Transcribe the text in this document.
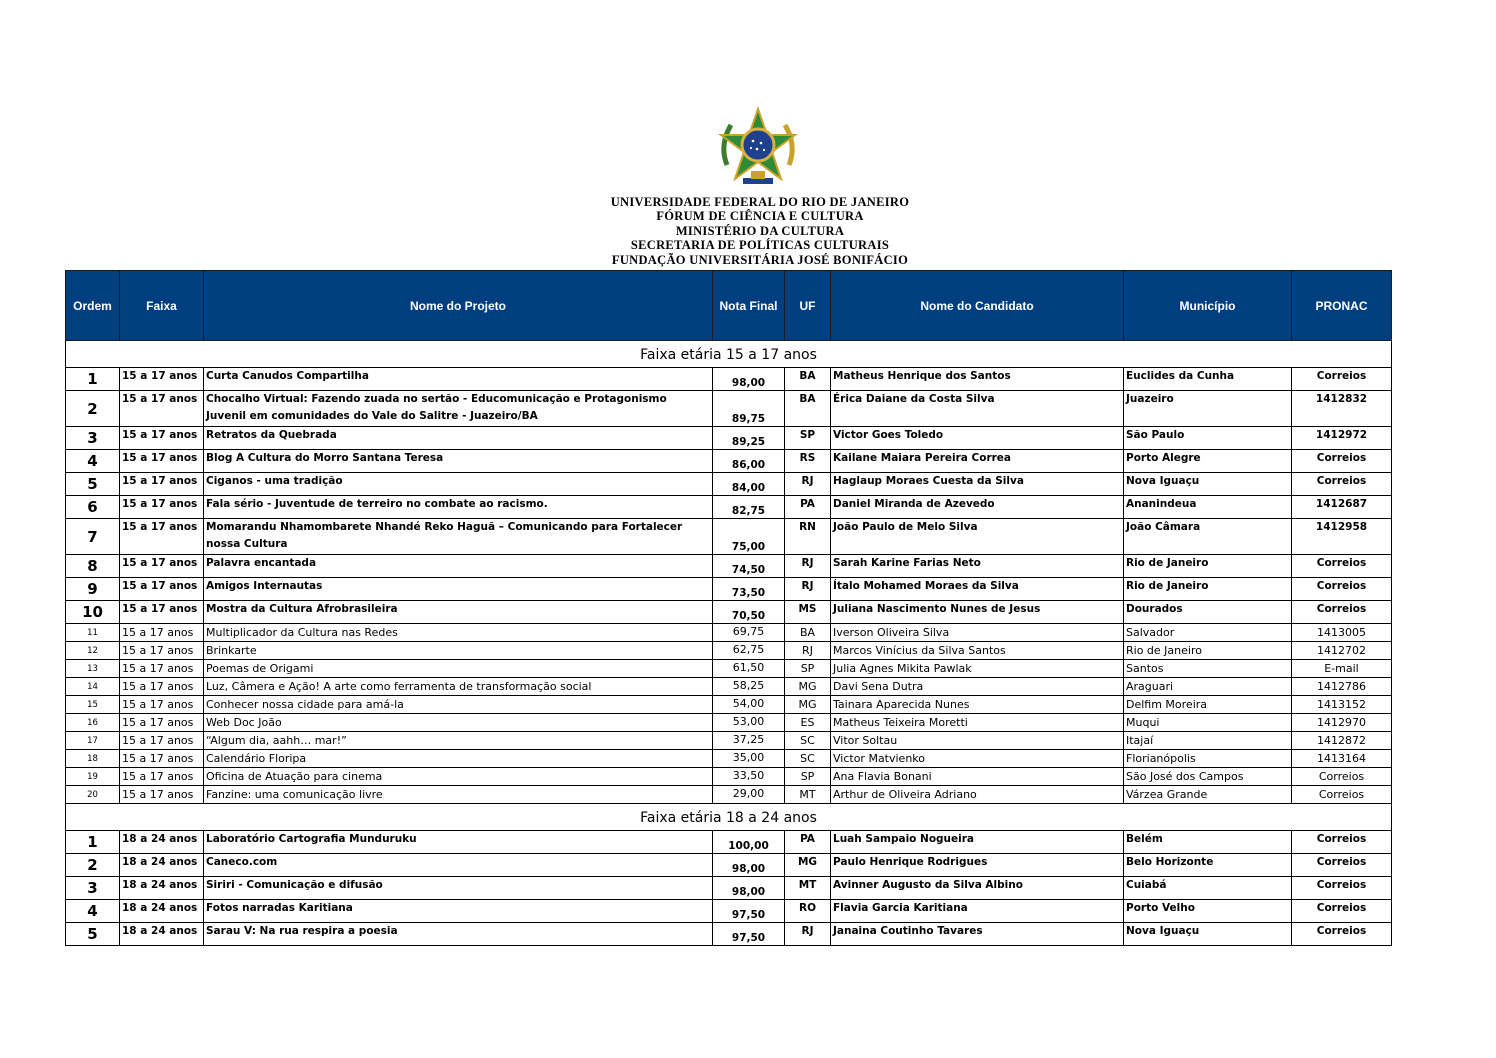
UNIVERSIDADE FEDERAL DO RIO DE JANEIRO
FÓRUM DE CIÊNCIA E CULTURA
MINISTÉRIO DA CULTURA
SECRETARIA DE POLÍTICAS CULTURAIS
FUNDAÇÃO UNIVERSITÁRIA JOSÉ BONIFÁCIO
Ordem	Faixa	Nome do Projeto	Nota Final	UF	Nome do Candidato	Município	PRONAC
Faixa etária 15 a 17 anos							
1	15 a 17 anos	Curta Canudos Compartilha	98,00	BA	Matheus Henrique dos Santos	Euclides da Cunha	Correios
2	15 a 17 anos	Chocalho Virtual: Fazendo zuada no sertão - Educomunicação e Protagonismo Juvenil em comunidades do Vale do Salitre - Juazeiro/BA	89,75	BA	Érica Daiane da Costa Silva	Juazeiro	1412832
3	15 a 17 anos	Retratos da Quebrada	89,25	SP	Victor Goes Toledo	São Paulo	1412972
4	15 a 17 anos	Blog A Cultura do Morro Santana Teresa	86,00	RS	Kailane Maiara Pereira Correa	Porto Alegre	Correios
5	15 a 17 anos	Ciganos - uma tradição	84,00	RJ	Haglaup Moraes Cuesta da Silva	Nova Iguaçu	Correios
6	15 a 17 anos	Fala sério - Juventude de terreiro no combate ao racismo.	82,75	PA	Daniel Miranda de Azevedo	Ananindeua	1412687
7	15 a 17 anos	Momarandu Nhamombarete Nhandé Reko Haguã – Comunicando para Fortalecer nossa Cultura	75,00	RN	João Paulo de Melo Silva	João Câmara	1412958
8	15 a 17 anos	Palavra encantada	74,50	RJ	Sarah Karine Farias Neto	Rio de Janeiro	Correios
9	15 a 17 anos	Amigos Internautas	73,50	RJ	Ítalo Mohamed Moraes da Silva	Rio de Janeiro	Correios
10	15 a 17 anos	Mostra da Cultura Afrobrasileira	70,50	MS	Juliana Nascimento Nunes de Jesus	Dourados	Correios
11	15 a 17 anos	Multiplicador da Cultura nas Redes	69,75	BA	Iverson Oliveira Silva	Salvador	1413005
12	15 a 17 anos	Brinkarte	62,75	RJ	Marcos Vinícius da Silva Santos	Rio de Janeiro	1412702
13	15 a 17 anos	Poemas de Origami	61,50	SP	Julia Agnes Mikita Pawlak	Santos	E-mail
14	15 a 17 anos	Luz, Câmera e Ação! A arte como ferramenta de transformação social	58,25	MG	Davi Sena Dutra	Araguari	1412786
15	15 a 17 anos	Conhecer nossa cidade para amá-la	54,00	MG	Tainara Aparecida Nunes	Delfim Moreira	1413152
16	15 a 17 anos	Web Doc João	53,00	ES	Matheus Teixeira Moretti	Muqui	1412970
17	15 a 17 anos	“Algum dia, aahh… mar!”	37,25	SC	Vitor Soltau	Itajaí	1412872
18	15 a 17 anos	Calendário Floripa	35,00	SC	Victor Matvienko	Florianópolis	1413164
19	15 a 17 anos	Oficina de Atuação para cinema	33,50	SP	Ana Flavia Bonani	São José dos Campos	Correios
20	15 a 17 anos	Fanzine: uma comunicação livre	29,00	MT	Arthur de Oliveira Adriano	Várzea Grande	Correios
Faixa etária 18 a 24 anos							
1	18 a 24 anos	Laboratório Cartografia Munduruku	100,00	PA	Luah Sampaio Nogueira	Belém	Correios
2	18 a 24 anos	Caneco.com	98,00	MG	Paulo Henrique Rodrigues	Belo Horizonte	Correios
3	18 a 24 anos	Siriri - Comunicação e difusão	98,00	MT	Avinner Augusto da Silva Albino	Cuiabá	Correios
4	18 a 24 anos	Fotos narradas Karitiana	97,50	RO	Flavia Garcia Karitiana	Porto Velho	Correios
5	18 a 24 anos	Sarau V: Na rua respira a poesia	97,50	RJ	Janaina Coutinho Tavares	Nova Iguaçu	Correios
